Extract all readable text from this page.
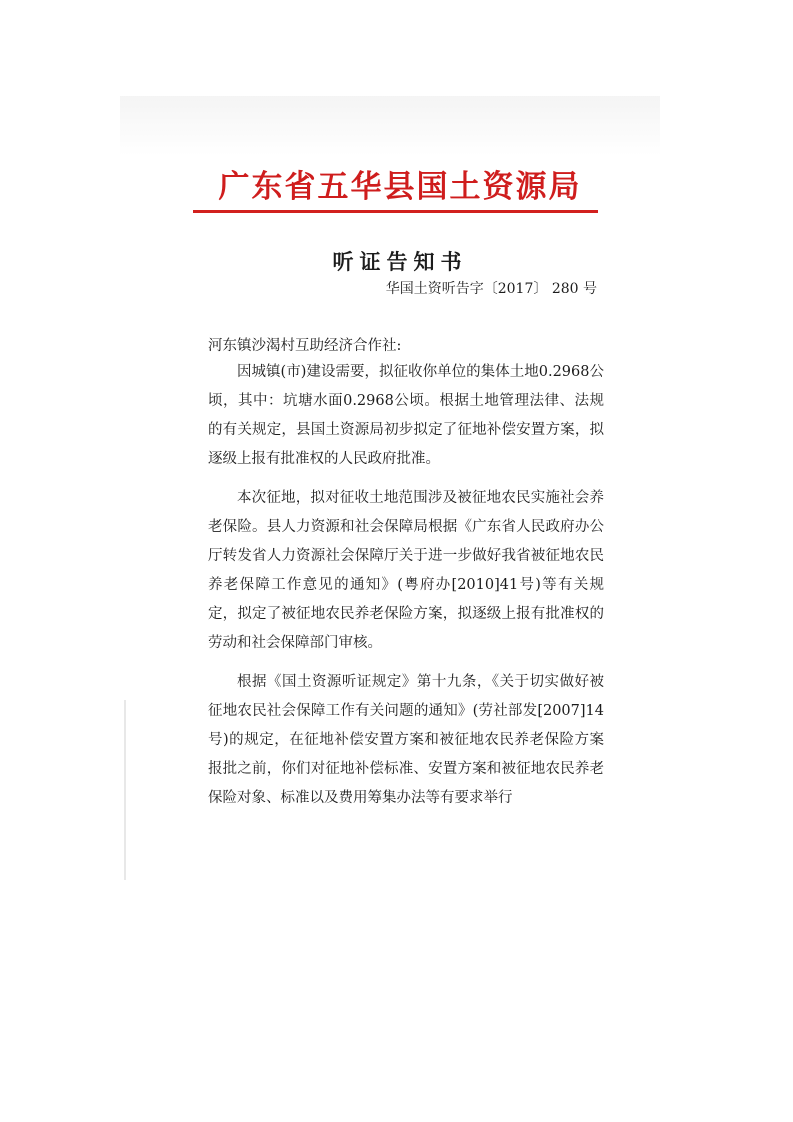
广东省五华县国土资源局
听证告知书
华国土资听告字〔2017〕 280 号
河东镇沙渴村互助经济合作社:

因城镇(市)建设需要，拟征收你单位的集体土地0.2968公顷，其中：坑塘水面0.2968公顷。根据土地管理法律、法规的有关规定，县国土资源局初步拟定了征地补偿安置方案，拟逐级上报有批准权的人民政府批准。

本次征地，拟对征收土地范围涉及被征地农民实施社会养老保险。县人力资源和社会保障局根据《广东省人民政府办公厅转发省人力资源社会保障厅关于进一步做好我省被征地农民养老保障工作意见的通知》(粤府办[2010]41号)等有关规定，拟定了被征地农民养老保险方案，拟逐级上报有批准权的劳动和社会保障部门审核。

根据《国土资源听证规定》第十九条，《关于切实做好被征地农民社会保障工作有关问题的通知》(劳社部发[2007]14号)的规定，在征地补偿安置方案和被征地农民养老保险方案报批之前，你们对征地补偿标准、安置方案和被征地农民养老保险对象、标准以及费用筹集办法等有要求举行
